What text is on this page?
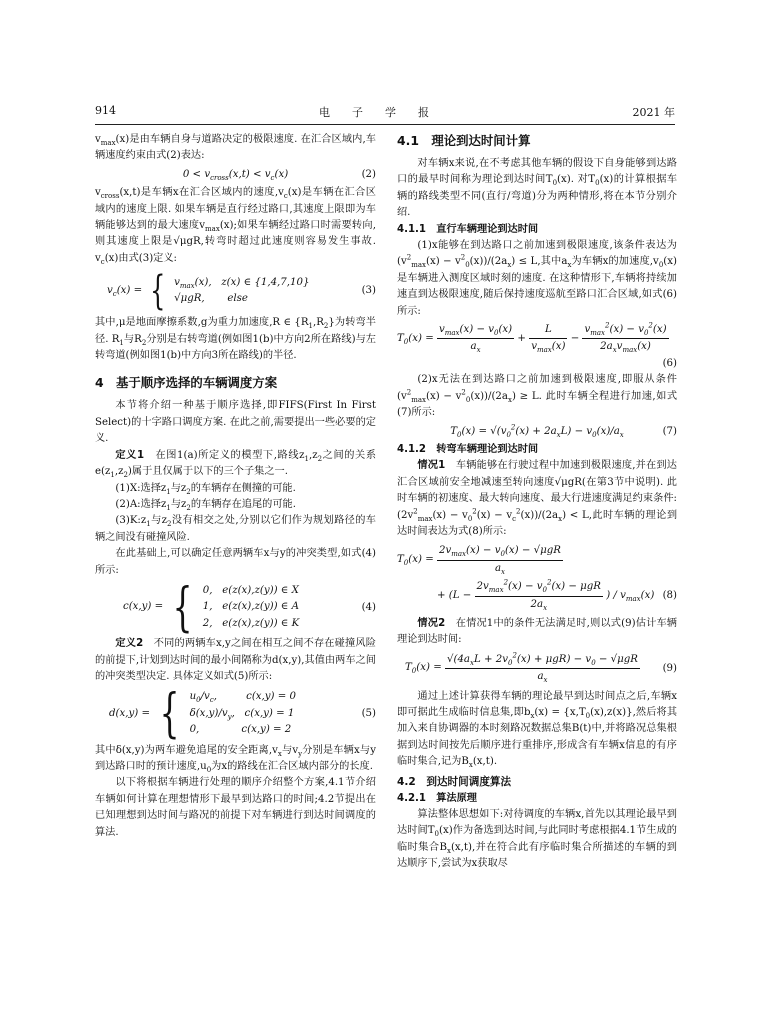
914	电子学报	2021 年

$v_{max}(x)$是由车辆自身与道路决定的极限速度. 在汇合区域内,车辆速度约束由式(2)表达:

$0 < v_{cross}(x,t) < v_c(x)$	(2)

$v_{cross}(x,t)$是车辆x在汇合区域内的速度$,v_c(x)$是车辆在汇合区域内的速度上限. 如果车辆是直行经过路口,其速度上限即为车辆能够达到的最大速度$v_{max}(x)$;如果车辆经过路口时需要转向,则其速度上限是√μgR,转弯时超过此速度则容易发生事故. $v_c(x)$由式(3)定义:

$v_c(x)$ = { $v_{max}(x)$,   z(x) ∈ {1,4,7,10}
√μgR,       else
(3)

其中,μ是地面摩擦系数,g为重力加速度,R ∈ $\{R_1,R_2\}$为转弯半径. $R_1$与$R_2$分别是右转弯道(例如图1(b)中方向2所在路线)与左转弯道(例如图1(b)中方向3所在路线)的半径.

4　基于顺序选择的车辆调度方案

本节将介绍一种基于顺序选择,即FIFS(First In First Select)的十字路口调度方案. 在此之前,需要提出一些必要的定义.

定义1　在图1(a)所定义的模型下,路线$z_1,z_2$之间的关系$e(z_1,z_2)$属于且仅属于以下的三个子集之一.

(1)X:选择$z_1$与$z_2$的车辆存在侧撞的可能.

(2)A:选择$z_1$与$z_2$的车辆存在追尾的可能.

$(3)K:z_1$与$z_2$没有相交之处,分别以它们作为规划路径的车辆之间没有碰撞风险.

在此基础上,可以确定任意两辆车x与y的冲突类型,如式(4)所示:

c(x,y) = { 0,   e(z(x),z(y)) ∈ X
1,   e(z(x),z(y)) ∈ A
2,   e(z(x),z(y)) ∈ K
(4)

定义2　不同的两辆车x,y之间在相互之间不存在碰撞风险的前提下,计划到达时间的最小间隔称为d(x,y),其值由两车之间的冲突类型决定. 具体定义如式(5)所示:

d(x,y) = { $u_0/v_c$,         c(x,y) = 0
$\delta(x,y)/v_y$,   c(x,y) = 1
0,             c(x,y) = 2
(5)

其中δ(x,y)为两车避免追尾的安全距离$,v_x$与$v_y$分别是车辆x与y到达路口时的预计速度$,u_0$为x的路线在汇合区域内部分的长度.

以下将根据车辆进行处理的顺序介绍整个方案,4.1节介绍车辆如何计算在理想情形下最早到达路口的时间;4.2节提出在已知理想到达时间与路况的前提下对车辆进行到达时间调度的算法.

4.1　理论到达时间计算

对车辆x来说,在不考虑其他车辆的假设下自身能够到达路口的最早时间称为理论到达时间$T_0(x)$. 对$T_0(x)$的计算根据车辆的路线类型不同(直行/弯道)分为两种情形,将在本节分别介绍.

4.1.1　直行车辆理论到达时间

(1)x能够在到达路口之前加速到极限速度,该条件表达为$(v^2_{max}(x) - v^2_0(x))/(2a_x) \le L$,其中$a_x$为车辆x的加速度$,v_0(x)$是车辆进入测度区域时刻的速度. 在这种情形下,车辆将持续加速直到达极限速度,随后保持速度巡航至路口汇合区域,如式(6)所示:

$T_0(x) = \frac{v_{max}(x) - v_0(x)}{a_x} + \frac{L}{v_{max}(x)} - \frac{v_{max}^2(x) - v_0^2(x)}{2a_xv_{max}(x)}$
(6)

(2)x无法在到达路口之前加速到极限速度,即服从条件$(v^2_{max}(x) - v^2_0(x))/(2a_x) \ge L$. 此时车辆全程进行加速,如式(7)所示:

$T_0(x) = √(v_0^2(x) + 2a_xL) - v_0(x)/a_x$	(7)

4.1.2　转弯车辆理论到达时间

情况1　车辆能够在行驶过程中加速到极限速度,并在到达汇合区域前安全地减速至转向速度√μgR(在第3节中说明). 此时车辆的初速度、最大转向速度、最大行进速度满足约束条件$:(2v^2_{max}(x) - v_0^2(x) - v_c^2(x))/(2a_x) < L$,此时车辆的理论到达时间表达为式(8)所示:

$T_0(x) = \frac{2v_{max}(x) - v_0(x) - √\mu gR}{a_x}$
+ ($L - \frac{2v_{max}^2(x) - v_0^2(x) - \mu gR}{2a_x}$ ) / $v_{max}(x)$ (8)

情况2　在情况1中的条件无法满足时,则以式(9)估计车辆理论到达时间:

$T_0(x) = \frac{√(4a_xL + 2v_0^2(x) + \mu gR) - v_0 - √\mu gR}{a_x} (9)$

通过上述计算获得车辆的理论最早到达时间点之后,车辆x即可据此生成临时信息集,即$b_x(x) = \{x,T_0(x),z(x)\}$,然后将其加入来自协调器的本时刻路况数据总集B(t)中,并将路况总集根据到达时间按先后顺序进行重排序,形成含有车辆x信息的有序临时集合,记为$B_x(x,t)$.

4.2　到达时间调度算法

4.2.1　算法原理

算法整体思想如下:对待调度的车辆x,首先以其理论最早到达时间$T_0(x)$作为备选到达时间,与此同时考虑根据4.1节生成的临时集合$B_x(x,t)$,并在符合此有序临时集合所描述的车辆的到达顺序下,尝试为x获取尽
